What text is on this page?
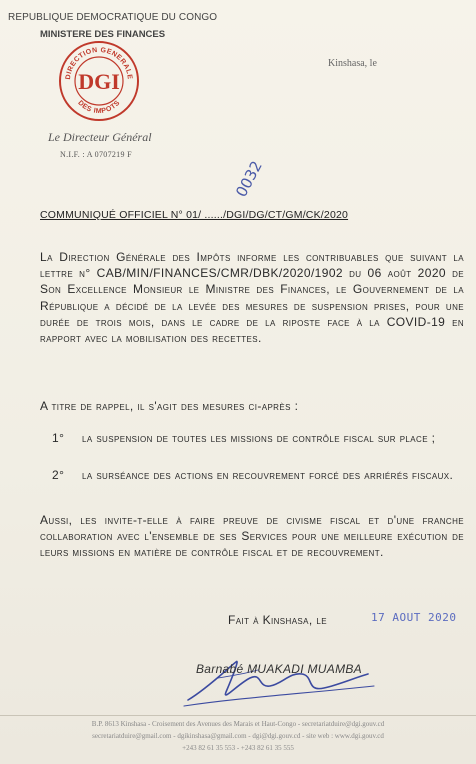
REPUBLIQUE DEMOCRATIQUE DU CONGO
MINISTERE DES FINANCES
Kinshasa, le
DIRECTION GENERALE
DES IMPOTS
DGI
Le Directeur Général
N.I.F. : A 0707219 F
COMMUNIQUÉ OFFICIEL N° 01/ ....../DGI/DG/CT/GM/CK/2020
0032
La Direction Générale des Impôts informe les contribuables que suivant la lettre n° CAB/MIN/FINANCES/CMR/DBK/2020/1902 du 06 août 2020 de Son Excellence Monsieur le Ministre des Finances, le Gouvernement de la République a décidé de la levée des mesures de suspension prises, pour une durée de trois mois, dans le cadre de la riposte face à la COVID-19 en rapport avec la mobilisation des recettes.
A titre de rappel, il s'agit des mesures ci-après :
1°	la suspension de toutes les missions de contrôle fiscal sur place ;
2°	la surséance des actions en recouvrement forcé des arriérés fiscaux.
Aussi, les invite-t-elle à faire preuve de civisme fiscal et d'une franche collaboration avec l'ensemble de ses Services pour une meilleure exécution de leurs missions en matière de contrôle fiscal et de recouvrement.
Fait à Kinshasa, le	17 AOUT 2020
Barnabé MUAKADI MUAMBA
B.P. 8613 Kinshasa - Croisement des Avenues des Marais et Haut-Congo - secretariatduire@dgi.gouv.cd
secretariatduire@gmail.com - dgikinshasa@gmail.com - dgi@dgi.gouv.cd - site web : www.dgi.gouv.cd
+243 82 61 35 553 - +243 82 61 35 555
